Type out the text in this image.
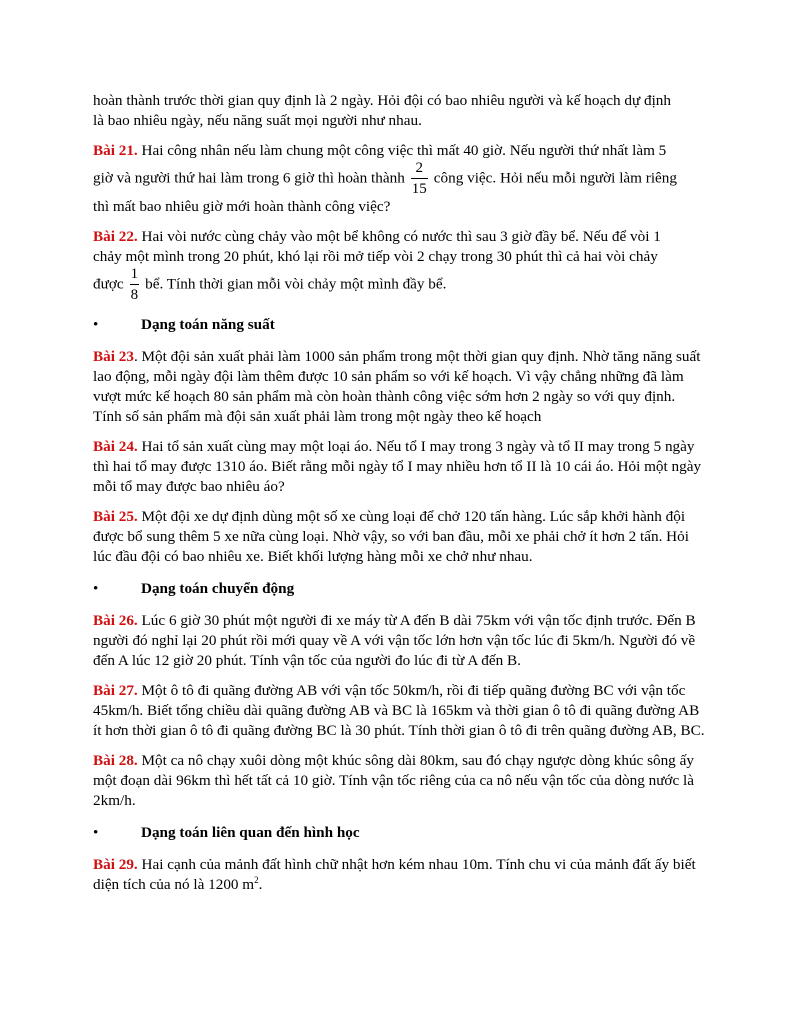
hoàn thành trước thời gian quy định là 2 ngày. Hỏi đội có bao nhiêu người và kế hoạch dự định
là bao nhiêu ngày, nếu năng suất mọi người như nhau.

Bài 21. Hai công nhân nếu làm chung một công việc thì mất 40 giờ. Nếu người thứ nhất làm 5
giờ và người thứ hai làm trong 6 giờ thì hoàn thành $\frac{2}{15}$ công việc. Hỏi nếu mỗi người làm riêng
thì mất bao nhiêu giờ mới hoàn thành công việc?

Bài 22. Hai vòi nước cùng chảy vào một bể không có nước thì sau 3 giờ đầy bể. Nếu để vòi 1
chảy một mình trong 20 phút, khó lại rồi mở tiếp vòi 2 chạy trong 30 phút thì cả hai vòi chảy
được $\frac{1}{8}$ bể. Tính thời gian mỗi vòi chảy một mình đầy bể.

•	Dạng toán năng suất

Bài 23. Một đội sản xuất phải làm 1000 sản phẩm trong một thời gian quy định. Nhờ tăng năng suất lao động, mỗi ngày đội làm thêm được 10 sản phẩm so với kế hoạch. Vì vậy chẳng những đã làm vượt mức kế hoạch 80 sản phẩm mà còn hoàn thành công việc sớm hơn 2 ngày so với quy định. Tính số sản phẩm mà đội sản xuất phải làm trong một ngày theo kế hoạch

Bài 24. Hai tổ sản xuất cùng may một loại áo. Nếu tổ I may trong 3 ngày và tổ II may trong 5 ngày thì hai tổ may được 1310 áo. Biết rằng mỗi ngày tổ I may nhiều hơn tổ II là 10 cái áo. Hỏi một ngày mỗi tổ may được bao nhiêu áo?

Bài 25. Một đội xe dự định dùng một số xe cùng loại để chở 120 tấn hàng. Lúc sắp khởi hành đội được bổ sung thêm 5 xe nữa cùng loại. Nhờ vậy, so với ban đầu, mỗi xe phải chở ít hơn 2 tấn. Hỏi lúc đầu đội có bao nhiêu xe. Biết khối lượng hàng mỗi xe chở như nhau.

•	Dạng toán chuyển động

Bài 26. Lúc 6 giờ 30 phút một người đi xe máy từ A đến B dài 75km với vận tốc định trước. Đến B người đó nghỉ lại 20 phút rồi mới quay về A với vận tốc lớn hơn vận tốc lúc đi 5km/h. Người đó về đến A lúc 12 giờ 20 phút. Tính vận tốc của người đo lúc đi từ A đến B.

Bài 27. Một ô tô đi quãng đường AB với vận tốc 50km/h, rồi đi tiếp quãng đường BC với vận tốc 45km/h. Biết tổng chiều dài quãng đường AB và BC là 165km và thời gian ô tô đi quãng đường AB ít hơn thời gian ô tô đi quãng đường BC là 30 phút. Tính thời gian ô tô đi trên quãng đường AB, BC.

Bài 28. Một ca nô chạy xuôi dòng một khúc sông dài 80km, sau đó chạy ngược dòng khúc sông ấy một đoạn dài 96km thì hết tất cả 10 giờ. Tính vận tốc riêng của ca nô nếu vận tốc của dòng nước là 2km/h.

•	Dạng toán liên quan đến hình học

Bài 29. Hai cạnh của mảnh đất hình chữ nhật hơn kém nhau 10m. Tính chu vi của mảnh đất ấy biết diện tích của nó là 1200 $m^2$.
